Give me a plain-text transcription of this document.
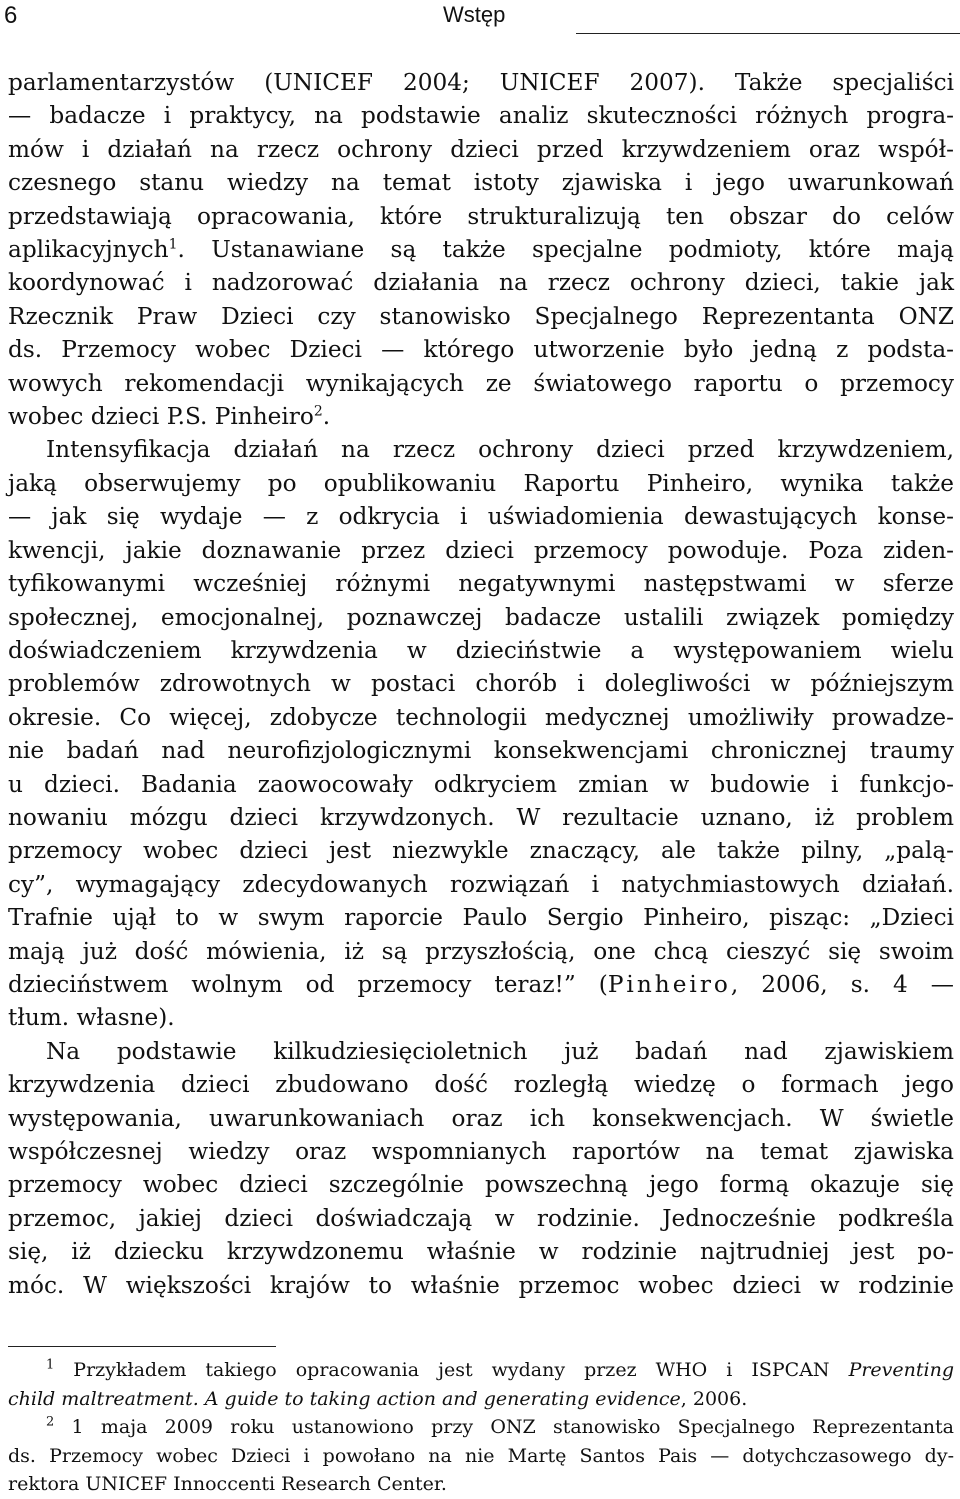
6	Wstęp
parlamentarzystów (UNICEF 2004; UNICEF 2007). Także specjaliści
— badacze i praktycy, na podstawie analiz skuteczności różnych progra-
mów i działań na rzecz ochrony dzieci przed krzywdzeniem oraz współ-
czesnego stanu wiedzy na temat istoty zjawiska i jego uwarunkowań
przedstawiają opracowania, które strukturalizują ten obszar do celów
aplikacyjnych$^1$. Ustanawiane są także specjalne podmioty, które mają
koordynować i nadzorować działania na rzecz ochrony dzieci, takie jak
Rzecznik Praw Dzieci czy stanowisko Specjalnego Reprezentanta ONZ
ds. Przemocy wobec Dzieci — którego utworzenie było jedną z podsta-
wowych rekomendacji wynikających ze światowego raportu o przemocy
wobec dzieci P.S. Pinheiro$^2$.
Intensyfikacja działań na rzecz ochrony dzieci przed krzywdzeniem,
jaką obserwujemy po opublikowaniu Raportu Pinheiro, wynika także
— jak się wydaje — z odkrycia i uświadomienia dewastujących konse-
kwencji, jakie doznawanie przez dzieci przemocy powoduje. Poza ziden-
tyfikowanymi wcześniej różnymi negatywnymi następstwami w sferze
społecznej, emocjonalnej, poznawczej badacze ustalili związek pomiędzy
doświadczeniem krzywdzenia w dzieciństwie a występowaniem wielu
problemów zdrowotnych w postaci chorób i dolegliwości w późniejszym
okresie. Co więcej, zdobycze technologii medycznej umożliwiły prowadze-
nie badań nad neurofizjologicznymi konsekwencjami chronicznej traumy
u dzieci. Badania zaowocowały odkryciem zmian w budowie i funkcjo-
nowaniu mózgu dzieci krzywdzonych. W rezultacie uznano, iż problem
przemocy wobec dzieci jest niezwykle znaczący, ale także pilny, „palą-
cy”, wymagający zdecydowanych rozwiązań i natychmiastowych działań.
Trafnie ujął to w swym raporcie Paulo Sergio Pinheiro, pisząc: „Dzieci
mają już dość mówienia, iż są przyszłością, one chcą cieszyć się swoim
dzieciństwem wolnym od przemocy teraz!” (Pinheiro, 2006, s. 4 —
tłum. własne).
Na podstawie kilkudziesięcioletnich już badań nad zjawiskiem
krzywdzenia dzieci zbudowano dość rozległą wiedzę o formach jego
występowania, uwarunkowaniach oraz ich konsekwencjach. W świetle
współczesnej wiedzy oraz wspomnianych raportów na temat zjawiska
przemocy wobec dzieci szczególnie powszechną jego formą okazuje się
przemoc, jakiej dzieci doświadczają w rodzinie. Jednocześnie podkreśla
się, iż dziecku krzywdzonemu właśnie w rodzinie najtrudniej jest po-
móc. W większości krajów to właśnie przemoc wobec dzieci w rodzinie
$^1$ Przykładem takiego opracowania jest wydany przez WHO i ISPCAN Preventing
child maltreatment. A guide to taking action and generating evidence, 2006.
$^2$ 1 maja 2009 roku ustanowiono przy ONZ stanowisko Specjalnego Reprezentanta
ds. Przemocy wobec Dzieci i powołano na nie Martę Santos Pais — dotychczasowego dy-
rektora UNICEF Innoccenti Research Center.
